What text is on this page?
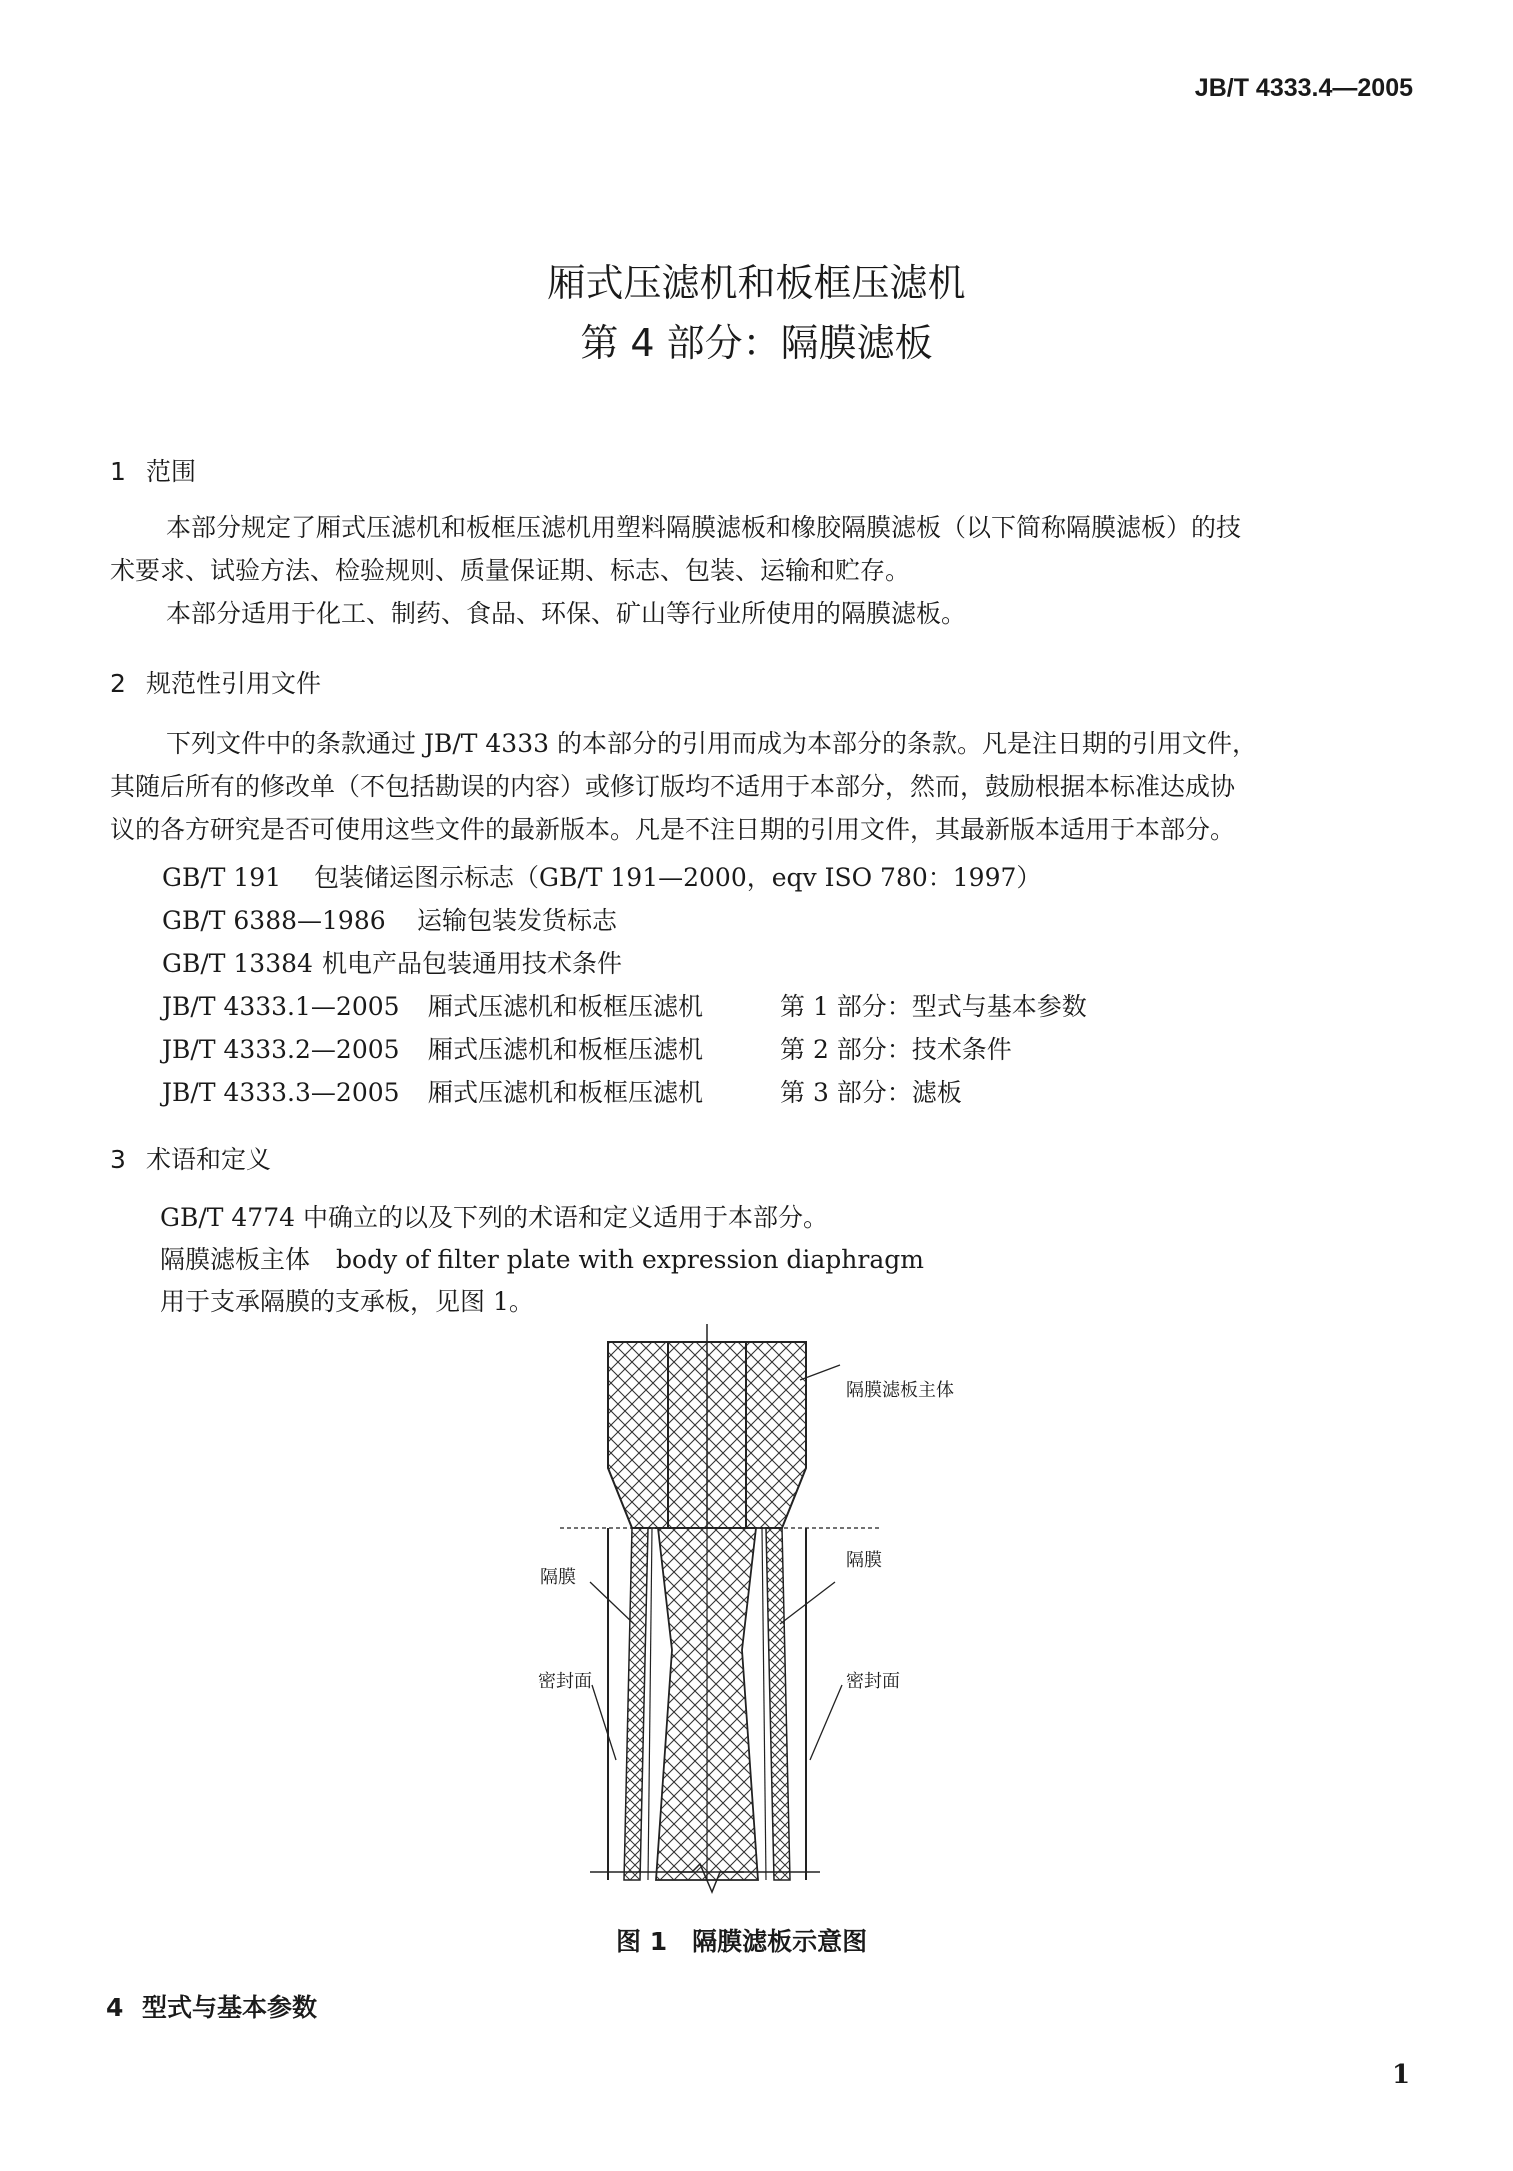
JB/T 4333.4—2005
厢式压滤机和板框压滤机
第 4 部分：隔膜滤板
1 范围
本部分规定了厢式压滤机和板框压滤机用塑料隔膜滤板和橡胶隔膜滤板（以下简称隔膜滤板）的技
术要求、试验方法、检验规则、质量保证期、标志、包装、运输和贮存。
本部分适用于化工、制药、食品、环保、矿山等行业所使用的隔膜滤板。
2 规范性引用文件
下列文件中的条款通过 JB/T 4333 的本部分的引用而成为本部分的条款。凡是注日期的引用文件，
其随后所有的修改单（不包括勘误的内容）或修订版均不适用于本部分，然而，鼓励根据本标准达成协
议的各方研究是否可使用这些文件的最新版本。凡是不注日期的引用文件，其最新版本适用于本部分。
GB/T 191 包装储运图示标志（GB/T 191—2000，eqv ISO 780：1997）
GB/T 6388—1986 运输包装发货标志
GB/T 13384 机电产品包装通用技术条件
JB/T 4333.1—2005 厢式压滤机和板框压滤机	第 1 部分：型式与基本参数
JB/T 4333.2—2005 厢式压滤机和板框压滤机	第 2 部分：技术条件
JB/T 4333.3—2005 厢式压滤机和板框压滤机	第 3 部分：滤板
3 术语和定义
GB/T 4774 中确立的以及下列的术语和定义适用于本部分。
隔膜滤板主体 body of filter plate with expression diaphragm
用于支承隔膜的支承板，见图 1。
隔膜滤板主体
隔膜
隔膜
密封面	密封面
图 1　隔膜滤板示意图
4 型式与基本参数
1
